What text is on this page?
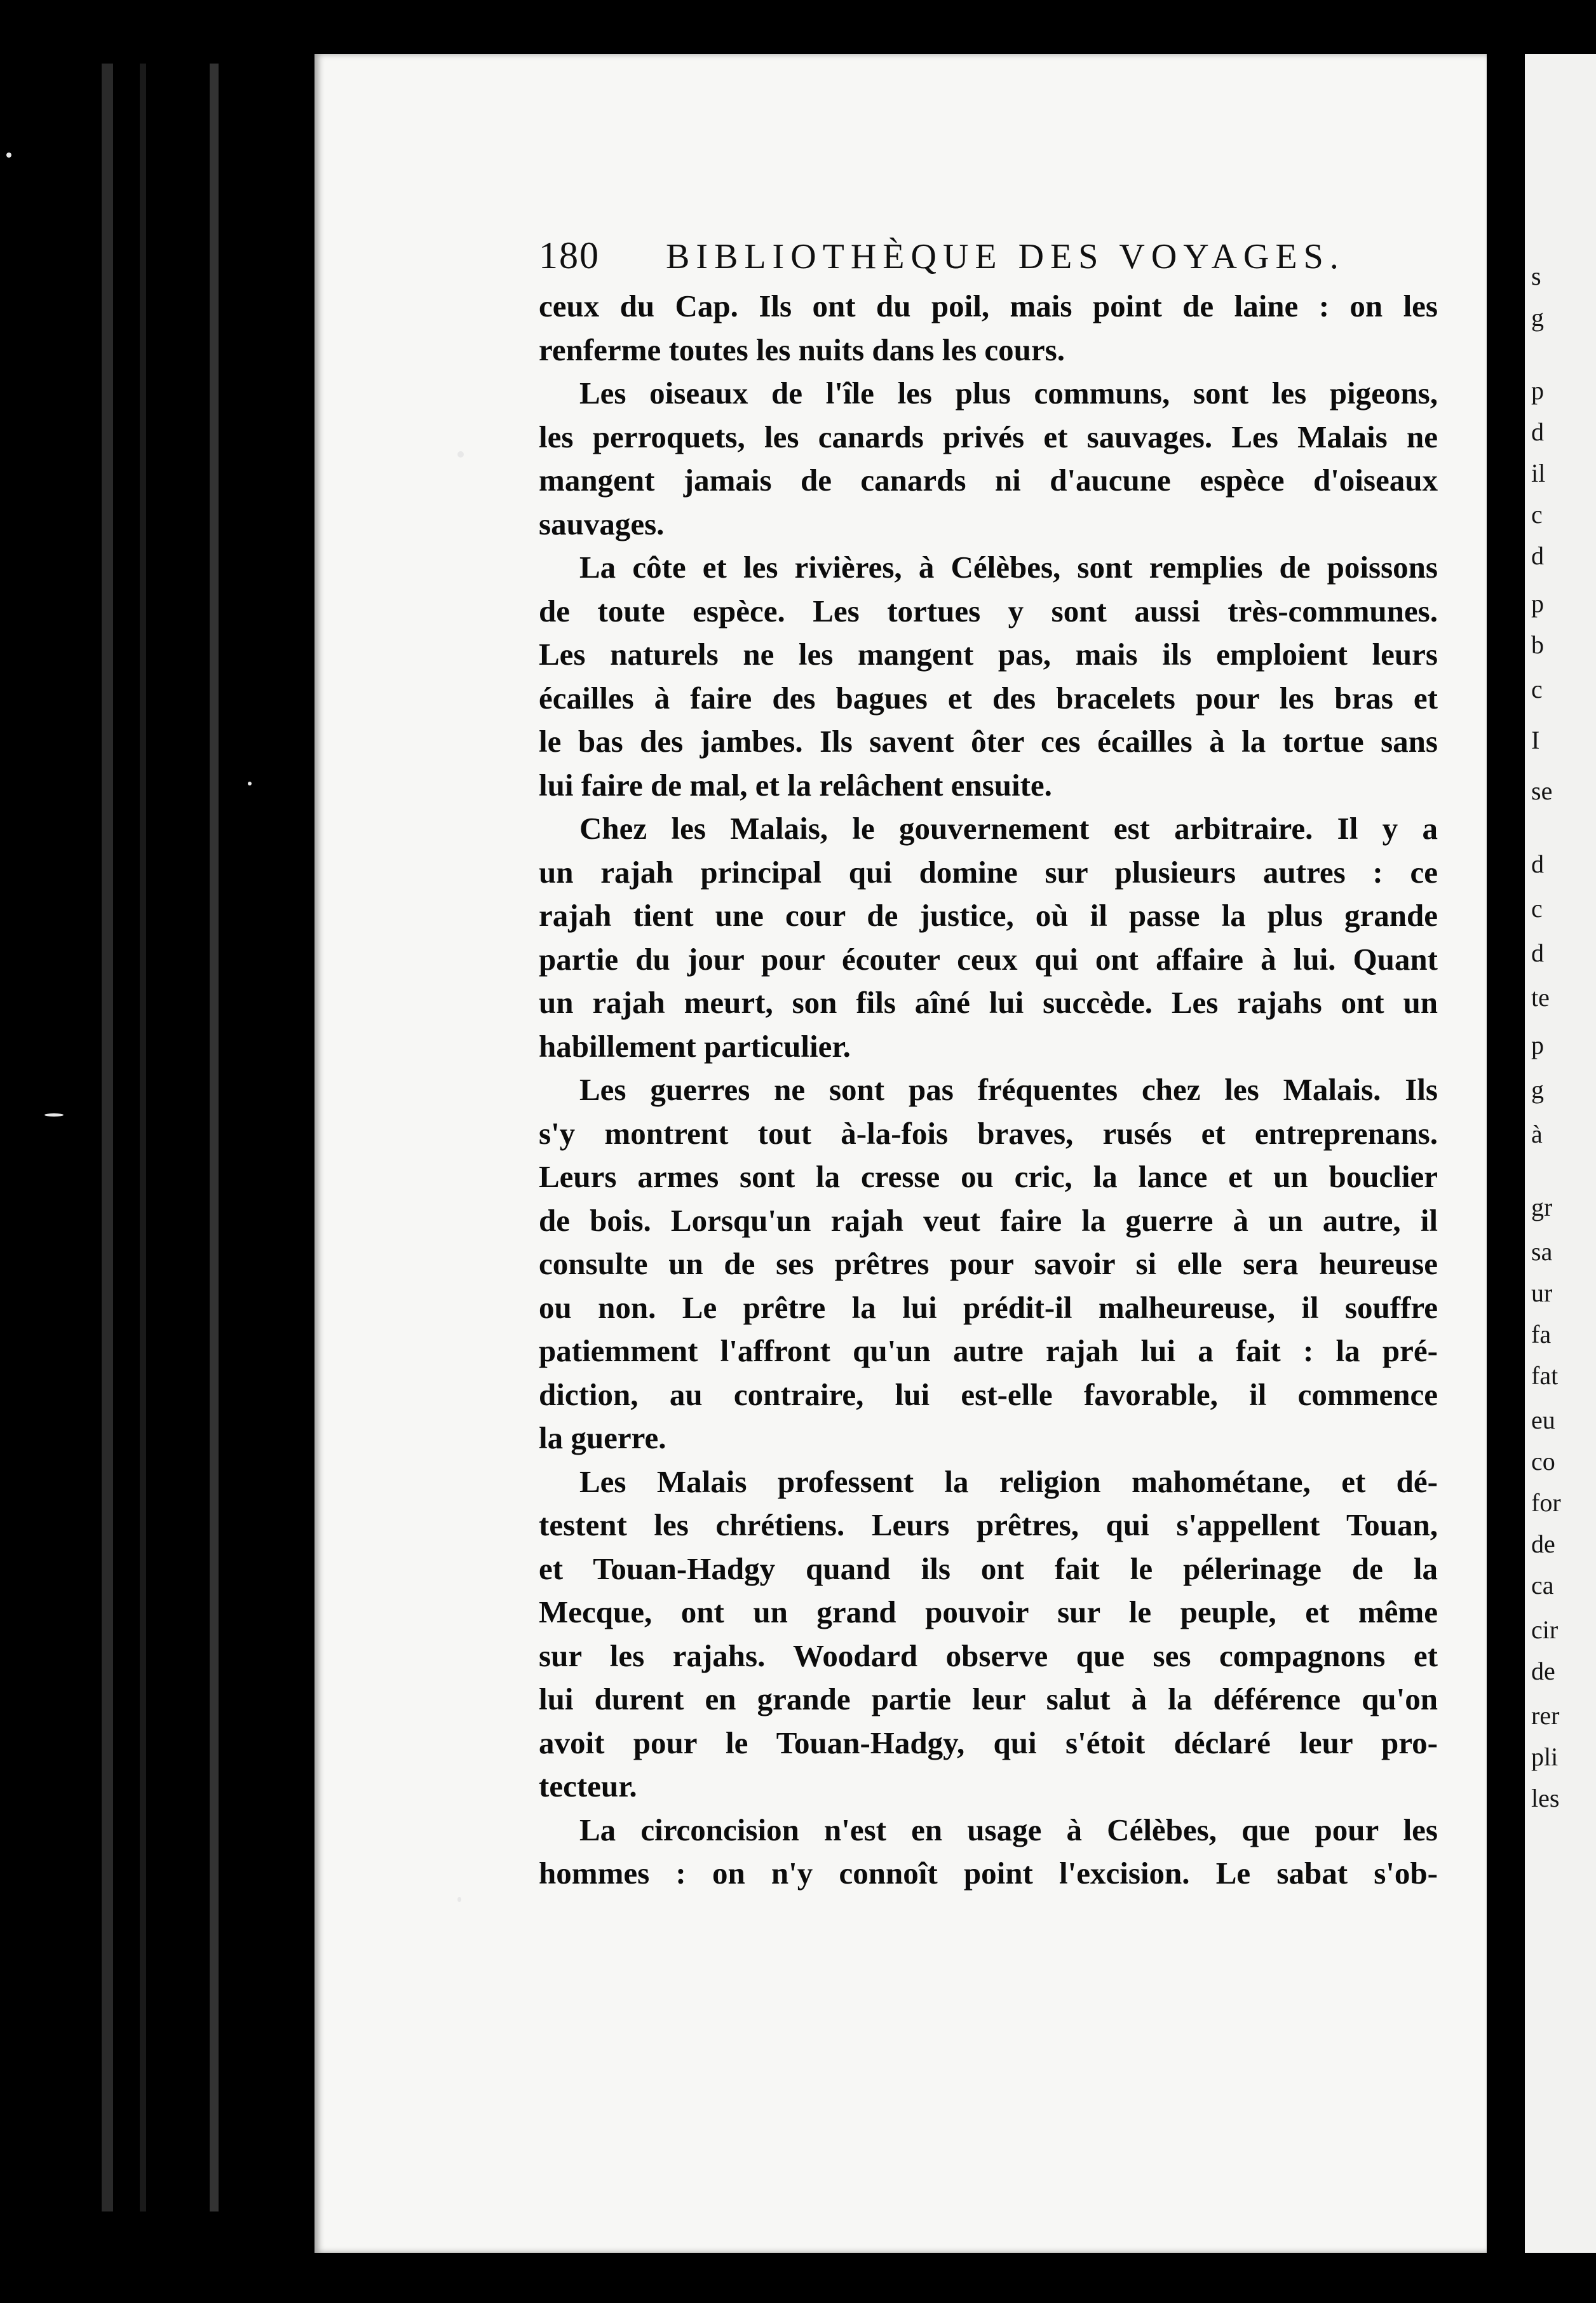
s
g
p
d
il
c
d
p
b
c
I
se
d
c
d
te
p
g
à
gr
sa
ur
fa
fat
eu
co
for
de
ca
cir
de
rer
pli
les
180 BIBLIOTHÈQUE DES VOYAGES.
ceux du Cap. Ils ont du poil, mais point de laine : on les
renferme toutes les nuits dans les cours.
Les oiseaux de l'île les plus communs, sont les pigeons,
les perroquets, les canards privés et sauvages. Les Malais ne
mangent jamais de canards ni d'aucune espèce d'oiseaux
sauvages.
La côte et les rivières, à Célèbes, sont remplies de poissons
de toute espèce. Les tortues y sont aussi très-communes.
Les naturels ne les mangent pas, mais ils emploient leurs
écailles à faire des bagues et des bracelets pour les bras et
le bas des jambes. Ils savent ôter ces écailles à la tortue sans
lui faire de mal, et la relâchent ensuite.
Chez les Malais, le gouvernement est arbitraire. Il y a
un rajah principal qui domine sur plusieurs autres : ce
rajah tient une cour de justice, où il passe la plus grande
partie du jour pour écouter ceux qui ont affaire à lui. Quant
un rajah meurt, son fils aîné lui succède. Les rajahs ont un
habillement particulier.
Les guerres ne sont pas fréquentes chez les Malais. Ils
s'y montrent tout à-la-fois braves, rusés et entreprenans.
Leurs armes sont la cresse ou cric, la lance et un bouclier
de bois. Lorsqu'un rajah veut faire la guerre à un autre, il
consulte un de ses prêtres pour savoir si elle sera heureuse
ou non. Le prêtre la lui prédit-il malheureuse, il souffre
patiemment l'affront qu'un autre rajah lui a fait : la pré-
diction, au contraire, lui est-elle favorable, il commence
la guerre.
Les Malais professent la religion mahométane, et dé-
testent les chrétiens. Leurs prêtres, qui s'appellent Touan,
et Touan-Hadgy quand ils ont fait le pélerinage de la
Mecque, ont un grand pouvoir sur le peuple, et même
sur les rajahs. Woodard observe que ses compagnons et
lui durent en grande partie leur salut à la déférence qu'on
avoit pour le Touan-Hadgy, qui s'étoit déclaré leur pro-
tecteur.
La circoncision n'est en usage à Célèbes, que pour les
hommes : on n'y connoît point l'excision. Le sabat s'ob-
